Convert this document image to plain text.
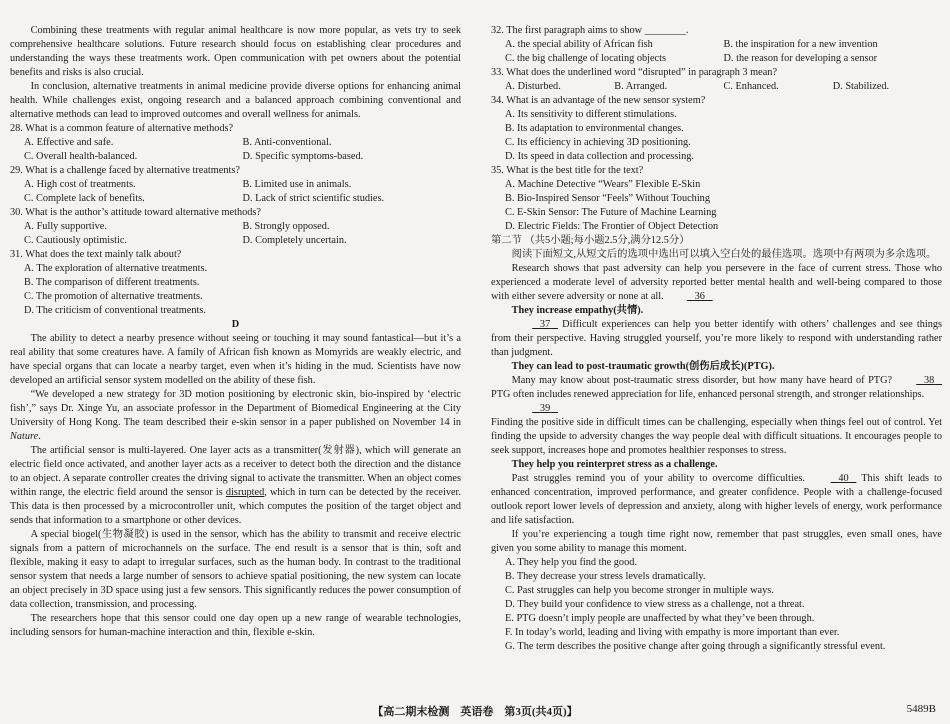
Combining these treatments with regular animal healthcare is now more popular, as vets try to seek comprehensive healthcare solutions. Future research should focus on establishing clear procedures and understanding the ways these treatments work. Open communication with pet owners about the potential benefits and risks is also crucial.

In conclusion, alternative treatments in animal medicine provide diverse options for enhancing animal health. While challenges exist, ongoing research and a balanced approach combining conventional and alternative methods can lead to improved outcomes and overall wellness for animals.

28. What is a common feature of alternative methods?
A. Effective and safe.	B. Anti-conventional.
C. Overall health-balanced.	D. Specific symptoms-based.
29. What is a challenge faced by alternative treatments?
A. High cost of treatments.	B. Limited use in animals.
C. Complete lack of benefits.	D. Lack of strict scientific studies.
30. What is the author’s attitude toward alternative methods?
A. Fully supportive.	B. Strongly opposed.
C. Cautiously optimistic.	D. Completely uncertain.
31. What does the text mainly talk about?
A. The exploration of alternative treatments.
B. The comparison of different treatments.
C. The promotion of alternative treatments.
D. The criticism of conventional treatments.
D

The ability to detect a nearby presence without seeing or touching it may sound fantastical—but it’s a real ability that some creatures have. A family of African fish known as Momyrids are weakly electric, and have special organs that can locate a nearby target, even when it’s hiding in the mud. Scientists have now developed an artificial sensor system modelled on the ability of these fish.

“We developed a new strategy for 3D motion positioning by electronic skin, bio-inspired by ‘electric fish’,” says Dr. Xinge Yu, an associate professor in the Department of Biomedical Engineering at the City University of Hong Kong. The team described their e-skin sensor in a paper published on November 14 in Nature.

The artificial sensor is multi-layered. One layer acts as a transmitter(发射器), which will generate an electric field once activated, and another layer acts as a receiver to detect both the direction and the distance to an object. A separate controller creates the driving signal to activate the transmitter. When an object comes within range, the electric field around the sensor is disrupted, which in turn can be detected by the receiver. This data is then processed by a microcontroller unit, which computes the position of the target object and sends that information to a smartphone or other devices.

A special biogel(生物凝胶) is used in the sensor, which has the ability to transmit and receive electric signals from a pattern of microchannels on the surface. The end result is a sensor that is thin, soft and flexible, making it easy to adapt to irregular surfaces, such as the human body. In contrast to the traditional sensor system that needs a large number of sensors to achieve spatial positioning, the new system can locate an object precisely in 3D space using just a few sensors. This significantly reduces the power consumption of data collection, transmission, and processing.

The researchers hope that this sensor could one day open up a new range of wearable technologies, including sensors for human-machine interaction and thin, flexible e-skin.

32. The first paragraph aims to show ________.
A. the special ability of African fish	B. the inspiration for a new invention
C. the big challenge of locating objects	D. the reason for developing a sensor
33. What does the underlined word “disrupted” in paragraph 3 mean?
A. Disturbed.	B. Arranged.	C. Enhanced.	D. Stabilized.
34. What is an advantage of the new sensor system?
A. Its sensitivity to different stimulations.
B. Its adaptation to environmental changes.
C. Its efficiency in achieving 3D positioning.
D. Its speed in data collection and processing.
35. What is the best title for the text?
A. Machine Detective “Wears” Flexible E-Skin
B. Bio-Inspired Sensor “Feels” Without Touching
C. E-Skin Sensor: The Future of Machine Learning
D. Electric Fields: The Frontier of Object Detection
第二节 （共5小题;每小题2.5分,满分12.5分）

阅读下面短文,从短文后的选项中选出可以填入空白处的最佳选项。选项中有两项为多余选项。

Research shows that past adversity can help you persevere in the face of current stress. Those who experienced a moderate level of adversity reported better mental health and well-being compared to those with either severe adversity or none at all.	36

They increase empathy(共情).

37 Difficult experiences can help you better identify with others’ challenges and see things from their perspective. Having struggled yourself, you’re more likely to respond with understanding rather than judgment.

They can lead to post-traumatic growth(创伤后成长)(PTG).

Many may know about post-traumatic stress disorder, but how many have heard of PTG?	38    PTG often includes renewed appreciation for life, enhanced personal strength, and stronger relationships.

39
Finding the positive side in difficult times can be challenging, especially when things feel out of control. Yet finding the upside to adversity changes the way people deal with difficult situations. It encourages people to seek support, increases hope and promotes healthier responses to stress.

They help you reinterpret stress as a challenge.

Past struggles remind you of your ability to overcome difficulties.	40 This shift leads to enhanced concentration, improved performance, and greater confidence. People with a challenge-focused outlook report lower levels of depression and anxiety, along with higher levels of energy, work performance and life satisfaction.

If you’re experiencing a tough time right now, remember that past struggles, even small ones, have given you some ability to manage this moment.

A. They help you find the good.
B. They decrease your stress levels dramatically.
C. Past struggles can help you become stronger in multiple ways.
D. They build your confidence to view stress as a challenge, not a threat.
E. PTG doesn’t imply people are unaffected by what they’ve been through.
F. In today’s world, leading and living with empathy is more important than ever.
G. The term describes the positive change after going through a significantly stressful event.
【高二期末检测　英语卷　第3页(共4页)】	5489B
